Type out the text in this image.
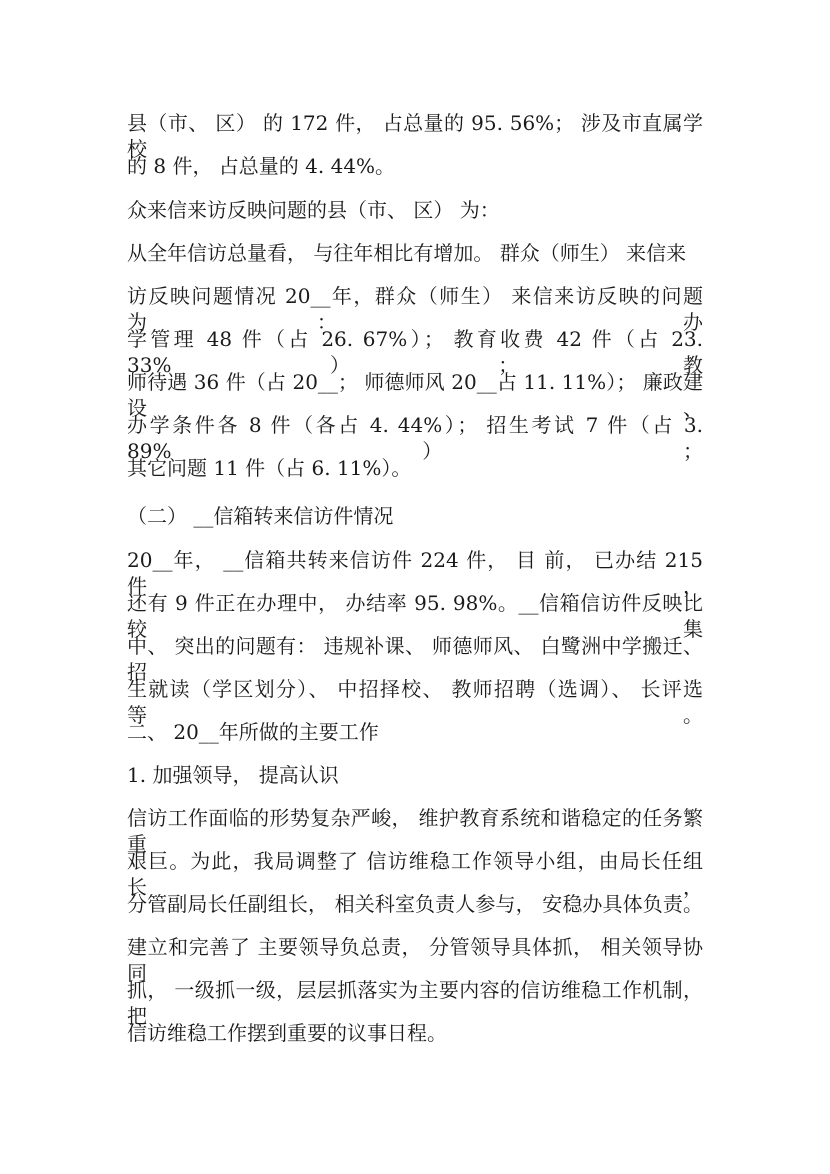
县（市、 区） 的 172 件， 占总量的 95. 56%； 涉及市直属学校
的 8 件， 占总量的 4. 44%。
众来信来访反映问题的县（市、 区） 为：
从全年信访总量看， 与往年相比有增加。 群众（师生） 来信来
访反映问题情况 20__年，群众（师生） 来信来访反映的问题为： 办
学管理 48 件（占 26. 67%）； 教育收费 42 件（占 23. 33%）； 教
师待遇 36 件（占 20__； 师德师风 20__占 11. 11%）； 廉政建设、
办学条件各 8 件（各占 4. 44%）； 招生考试 7 件（占 3. 89%）；
其它问题 11 件（占 6. 11%）。
（二） __信箱转来信访件情况
20__年， __信箱共转来信访件 224 件， 目 前， 已办结 215 件，
还有 9 件正在办理中， 办结率 95. 98%。__信箱信访件反映比较集
中、 突出的问题有： 违规补课、 师德师风、 白鹭洲中学搬迁、 招
生就读（学区划分）、 中招择校、 教师招聘（选调）、 长评选等。
二、 20__年所做的主要工作
1. 加强领导， 提高认识
信访工作面临的形势复杂严峻， 维护教育系统和谐稳定的任务繁重
艰巨。为此，我局调整了 信访维稳工作领导小组，由局长任组长，
分管副局长任副组长， 相关科室负责人参与， 安稳办具体负责。
建立和完善了 主要领导负总责， 分管领导具体抓， 相关领导协同
抓， 一级抓一级，层层抓落实为主要内容的信访维稳工作机制， 把
信访维稳工作摆到重要的议事日程。
